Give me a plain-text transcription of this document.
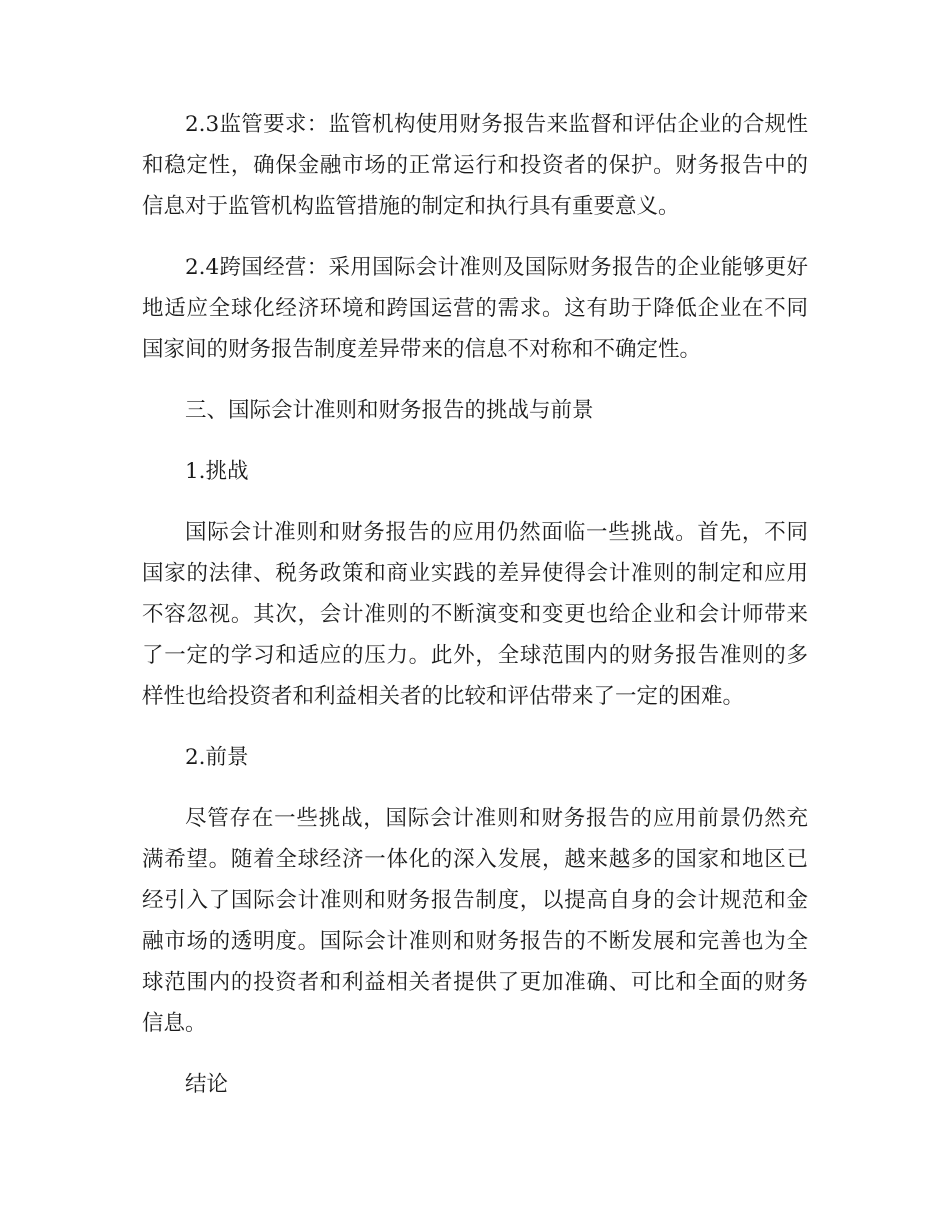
2.3监管要求：监管机构使用财务报告来监督和评估企业的合规性和稳定性，确保金融市场的正常运行和投资者的保护。财务报告中的信息对于监管机构监管措施的制定和执行具有重要意义。

2.4跨国经营：采用国际会计准则及国际财务报告的企业能够更好地适应全球化经济环境和跨国运营的需求。这有助于降低企业在不同国家间的财务报告制度差异带来的信息不对称和不确定性。

三、国际会计准则和财务报告的挑战与前景

1.挑战

国际会计准则和财务报告的应用仍然面临一些挑战。首先，不同国家的法律、税务政策和商业实践的差异使得会计准则的制定和应用不容忽视。其次，会计准则的不断演变和变更也给企业和会计师带来了一定的学习和适应的压力。此外，全球范围内的财务报告准则的多样性也给投资者和利益相关者的比较和评估带来了一定的困难。

2.前景

尽管存在一些挑战，国际会计准则和财务报告的应用前景仍然充满希望。随着全球经济一体化的深入发展，越来越多的国家和地区已经引入了国际会计准则和财务报告制度，以提高自身的会计规范和金融市场的透明度。国际会计准则和财务报告的不断发展和完善也为全球范围内的投资者和利益相关者提供了更加准确、可比和全面的财务信息。

结论
